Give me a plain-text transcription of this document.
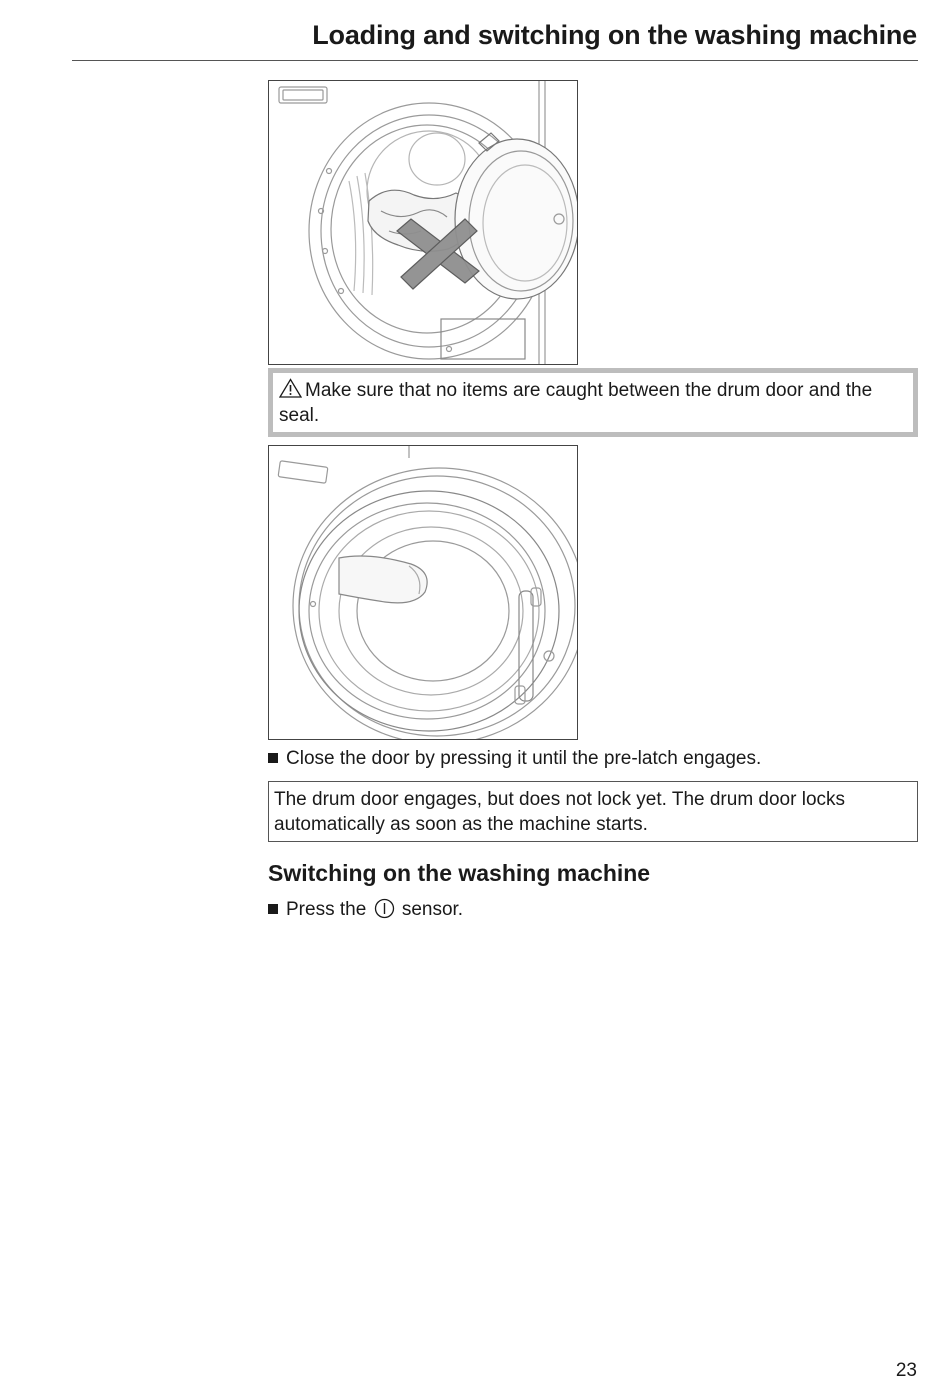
Loading and switching on the washing machine
Make sure that no items are caught between the drum door and the seal.
Close the door by pressing it until the pre-latch engages.
The drum door engages, but does not lock yet. The drum door locks automatically as soon as the machine starts.
Switching on the washing machine
Press the sensor.
23
